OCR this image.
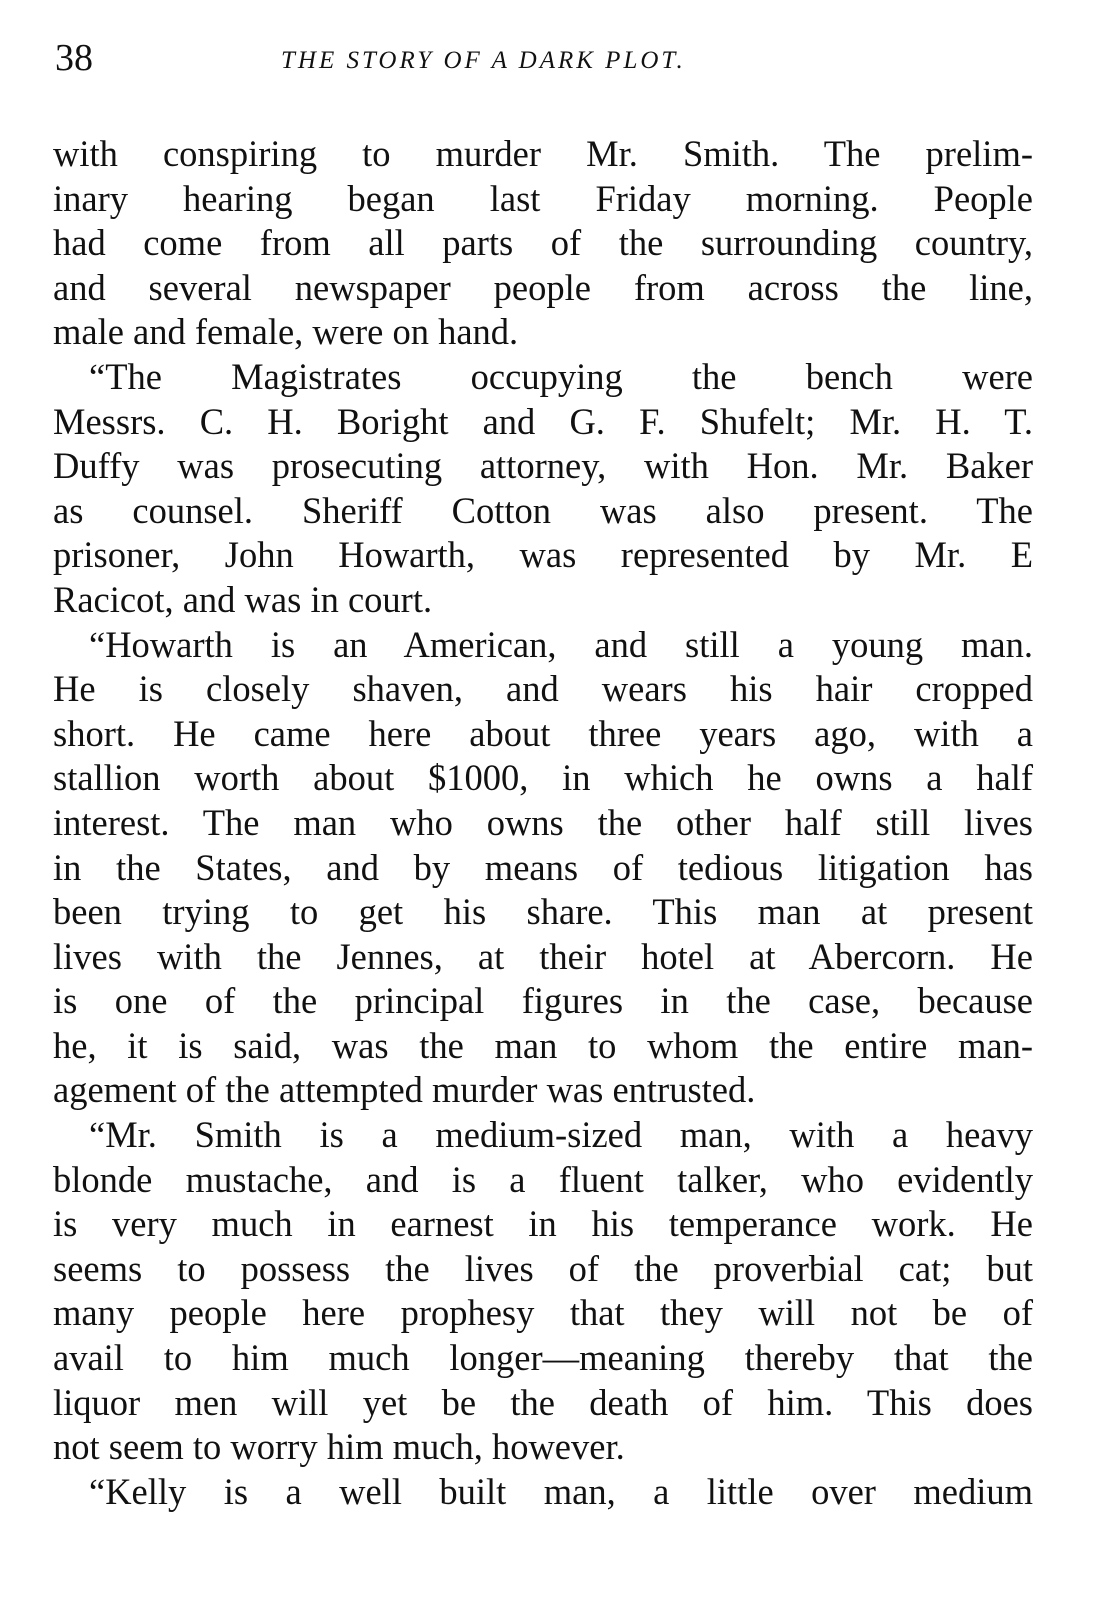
38	THE STORY OF A DARK PLOT.

with conspiring to murder Mr. Smith. The prelim-
inary hearing began last Friday morning. People
had come from all parts of the surrounding country,
and several newspaper people from across the line,
male and female, were on hand.

“The Magistrates occupying the bench were
Messrs. C. H. Boright and G. F. Shufelt; Mr. H. T.
Duffy was prosecuting attorney, with Hon. Mr. Baker
as counsel. Sheriff Cotton was also present. The
prisoner, John Howarth, was represented by Mr. E
Racicot, and was in court.

“Howarth is an American, and still a young man.
He is closely shaven, and wears his hair cropped
short. He came here about three years ago, with a
stallion worth about $1000, in which he owns a half
interest. The man who owns the other half still lives
in the States, and by means of tedious litigation has
been trying to get his share. This man at present
lives with the Jennes, at their hotel at Abercorn. He
is one of the principal figures in the case, because
he, it is said, was the man to whom the entire man-
agement of the attempted murder was entrusted.

“Mr. Smith is a medium-sized man, with a heavy
blonde mustache, and is a fluent talker, who evidently
is very much in earnest in his temperance work. He
seems to possess the lives of the proverbial cat; but
many people here prophesy that they will not be of
avail to him much longer—meaning thereby that the
liquor men will yet be the death of him. This does
not seem to worry him much, however.

“Kelly is a well built man, a little over medium
